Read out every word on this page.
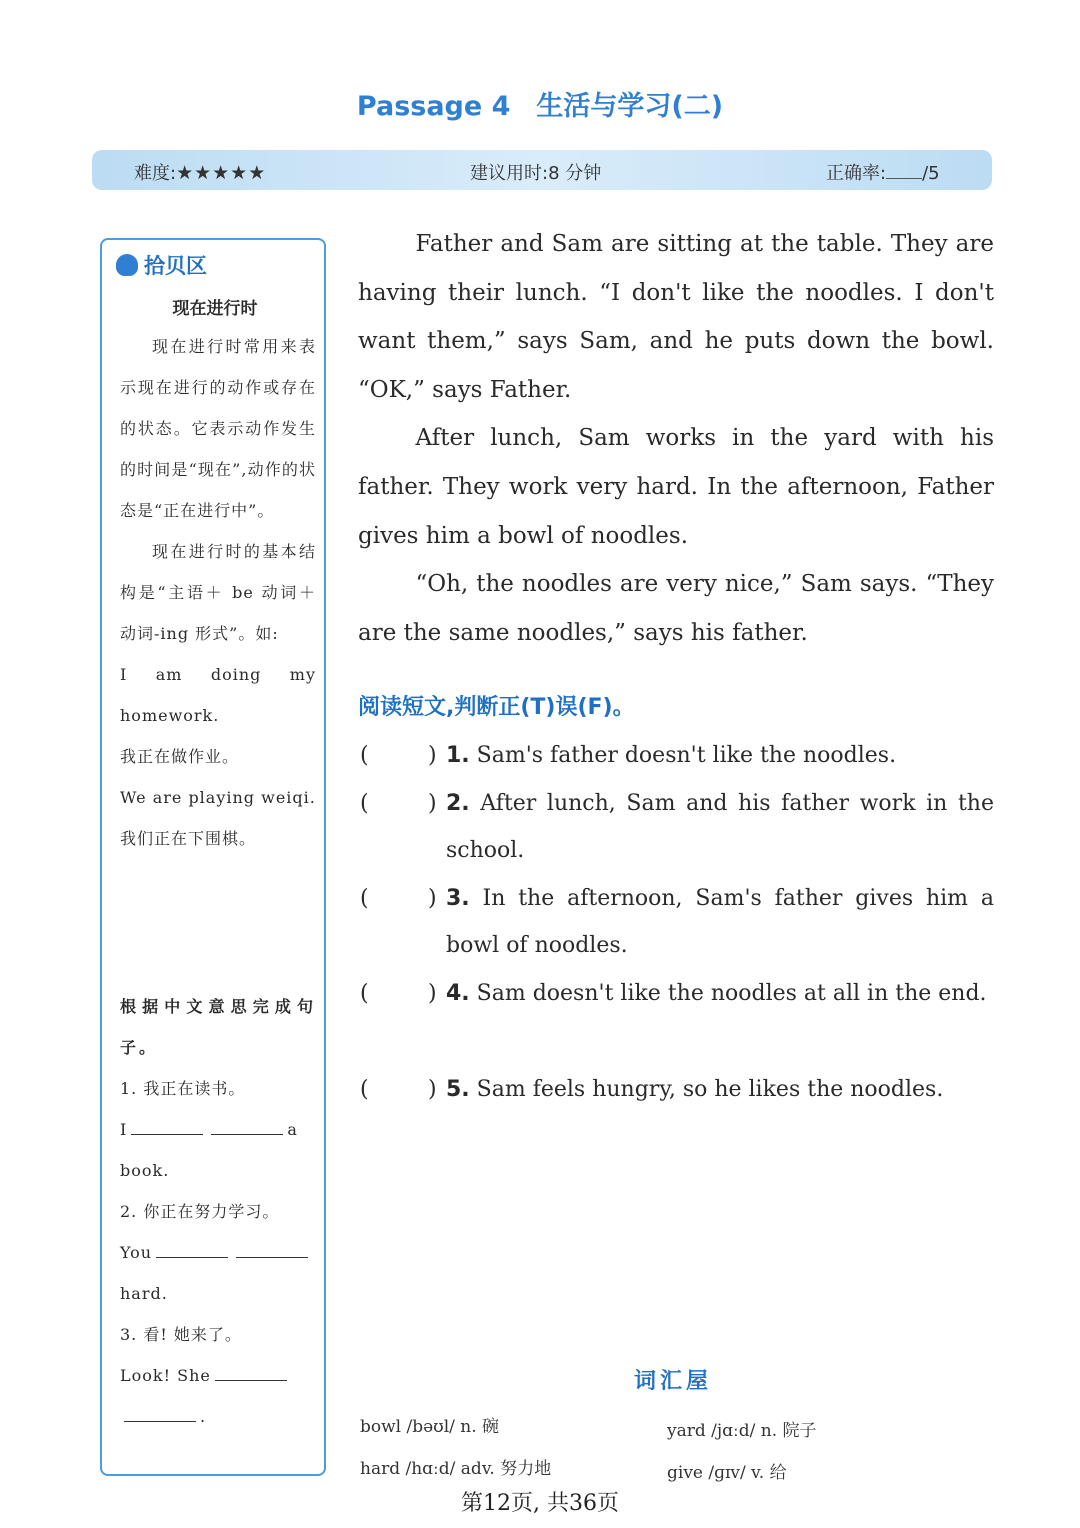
Passage 4 生活与学习(二)
难度:★★★★★	建议用时:8 分钟	正确率: /5
拾贝区
现在进行时

现在进行时常用来表示现在进行的动作或存在的状态。它表示动作发生的时间是“现在”,动作的状态是“正在进行中”。

现在进行时的基本结构是“主语＋ be 动词＋动词-ing 形式”。如:

I am doing my homework.

我正在做作业。

We are playing weiqi.

我们正在下围棋。

根据中文意思完成句子。

1. 我正在读书。

I	a

book.

2. 你正在努力学习。

You

hard.

3. 看! 她来了。

Look! She

.

Father and Sam are sitting at the table. They are having their lunch. “I don't like the noodles. I don't want them,” says Sam, and he puts down the bowl. “OK,” says Father.

After lunch, Sam works in the yard with his father. They work very hard. In the afternoon, Father gives him a bowl of noodles.

“Oh, the noodles are very nice,” Sam says. “They are the same noodles,” says his father.

阅读短文,判断正(T)误(F)。
(	) 1. Sam's father doesn't like the noodles.
(	) 2. After lunch, Sam and his father work in the school.
(	) 3. In the afternoon, Sam's father gives him a bowl of noodles.
(	) 4. Sam doesn't like the noodles at all in the end.
(	) 5. Sam feels hungry, so he likes the noodles.
词汇屋
bowl /bəʊl/ n. 碗	yard /jɑːd/ n. 院子
hard /hɑːd/ adv. 努力地	give /ɡɪv/ v. 给
第12页, 共36页
